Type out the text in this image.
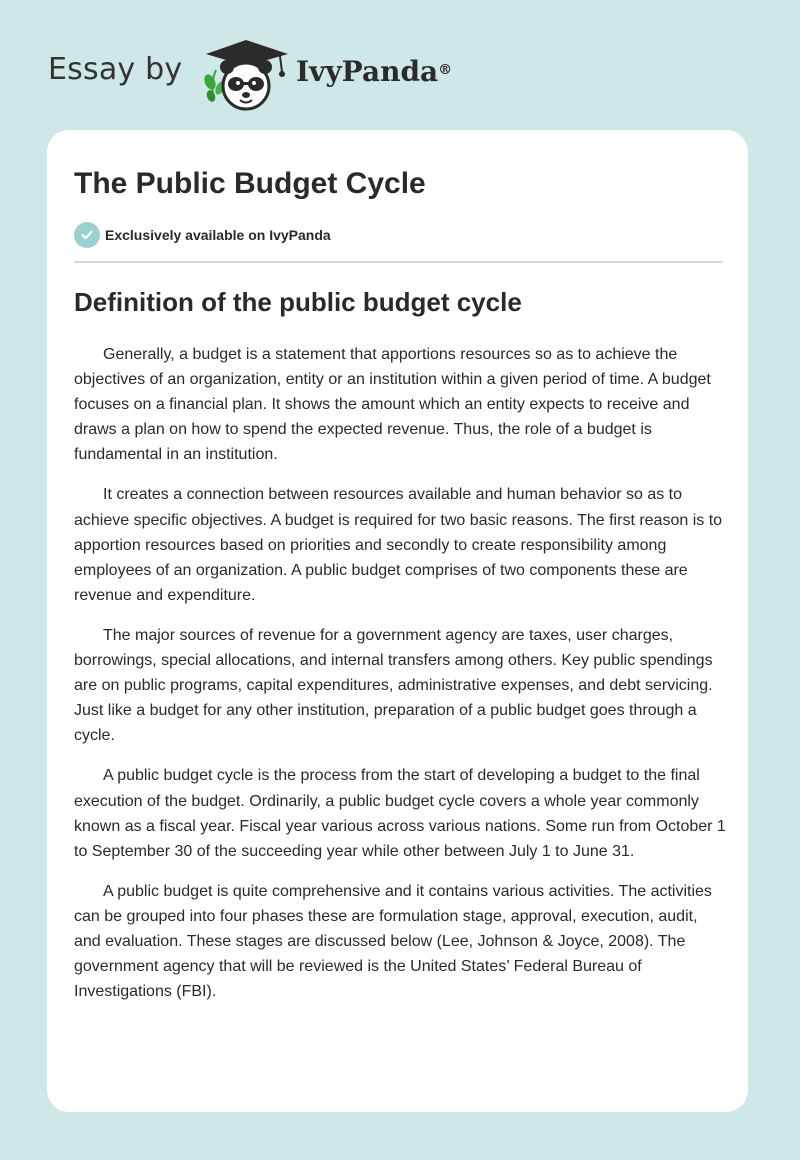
Essay by	IvyPanda®
The Public Budget Cycle
Exclusively available on IvyPanda
Definition of the public budget cycle

Generally, a budget is a statement that apportions resources so as to achieve the objectives of an organization, entity or an institution within a given period of time. A budget focuses on a financial plan. It shows the amount which an entity expects to receive and draws a plan on how to spend the expected revenue. Thus, the role of a budget is fundamental in an institution.

It creates a connection between resources available and human behavior so as to achieve specific objectives. A budget is required for two basic reasons. The first reason is to apportion resources based on priorities and secondly to create responsibility among employees of an organization. A public budget comprises of two components these are revenue and expenditure.

The major sources of revenue for a government agency are taxes, user charges, borrowings, special allocations, and internal transfers among others. Key public spendings are on public programs, capital expenditures, administrative expenses, and debt servicing. Just like a budget for any other institution, preparation of a public budget goes through a cycle.

A public budget cycle is the process from the start of developing a budget to the final execution of the budget. Ordinarily, a public budget cycle covers a whole year commonly known as a fiscal year. Fiscal year various across various nations. Some run from October 1 to September 30 of the succeeding year while other between July 1 to June 31.

A public budget is quite comprehensive and it contains various activities. The activities can be grouped into four phases these are formulation stage, approval, execution, audit, and evaluation. These stages are discussed below (Lee, Johnson & Joyce, 2008). The government agency that will be reviewed is the United States’ Federal Bureau of Investigations (FBI).
